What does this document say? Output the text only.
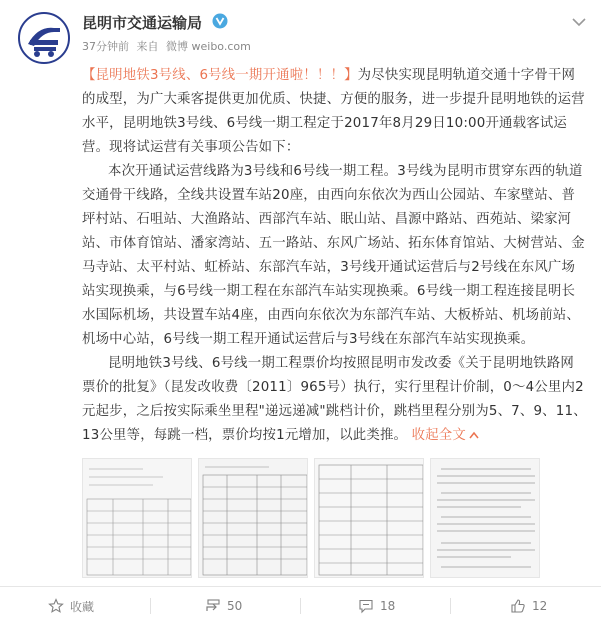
昆明市交通运输局
37分钟前 来自 微博 weibo.com

【昆明地铁3号线、6号线一期开通啦！！！】为尽快实现昆明轨道交通十字骨干网的成型，为广大乘客提供更加优质、快捷、方便的服务，进一步提升昆明地铁的运营水平，昆明地铁3号线、6号线一期工程定于2017年8月29日10:00开通载客试运营。现将试运营有关事项公告如下：

本次开通试运营线路为3号线和6号线一期工程。3号线为昆明市贯穿东西的轨道交通骨干线路，全线共设置车站20座，由西向东依次为西山公园站、车家壁站、普坪村站、石咀站、大渔路站、西部汽车站、眠山站、昌源中路站、西苑站、梁家河站、市体育馆站、潘家湾站、五一路站、东风广场站、拓东体育馆站、大树营站、金马寺站、太平村站、虹桥站、东部汽车站，3号线开通试运营后与2号线在东风广场站实现换乘，与6号线一期工程在东部汽车站实现换乘。6号线一期工程连接昆明长水国际机场，共设置车站4座，由西向东依次为东部汽车站、大板桥站、机场前站、机场中心站，6号线一期工程开通试运营后与3号线在东部汽车站实现换乘。

昆明地铁3号线、6号线一期工程票价均按照昆明市发改委《关于昆明地铁路网票价的批复》（昆发改收费〔2011〕965号）执行，实行里程计价制，0～4公里内2元起步，之后按实际乘坐里程"递远递减"跳档计价，跳档里程分别为5、7、9、11、13公里等，每跳一档，票价均按1元增加，以此类推。 收起全文

收藏	50	18	12
